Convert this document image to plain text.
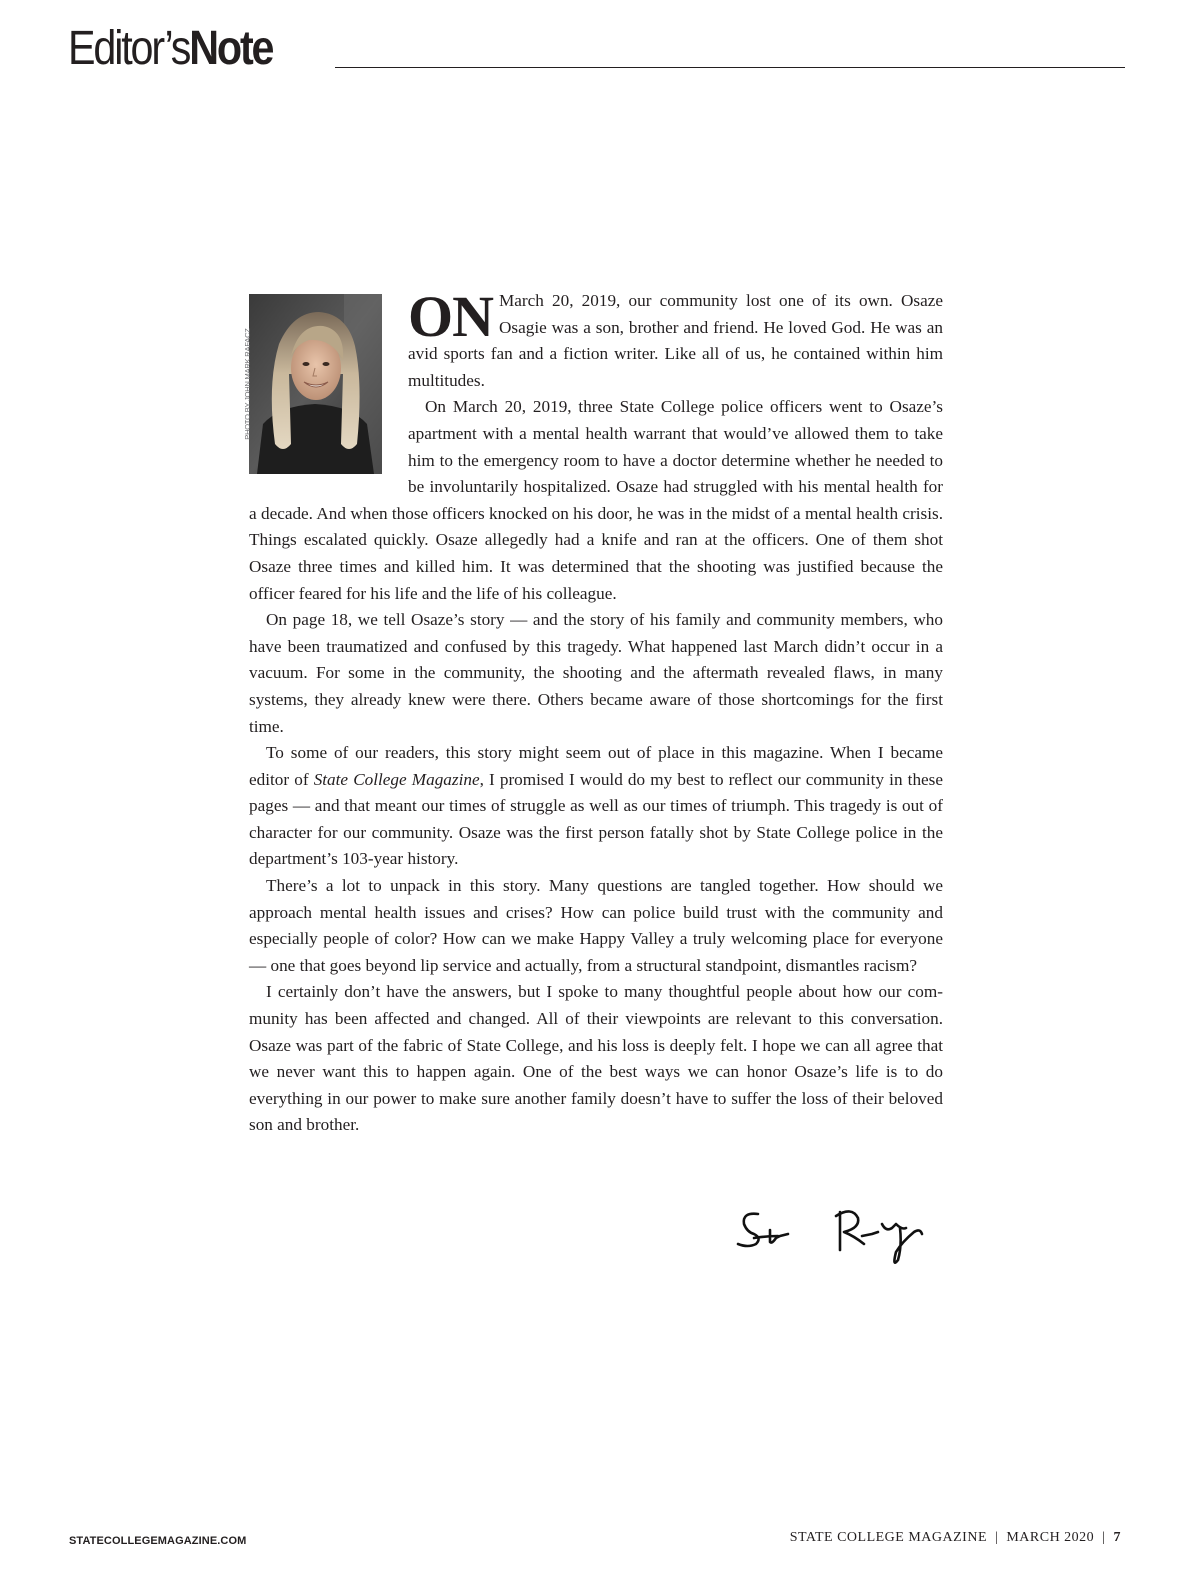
Editor’sNote
PHOTO BY JOHN MARK RAFACZ

ON March 20, 2019, our community lost one of its own. Osaze Osagie was a son, brother and friend. He loved God. He was an avid sports fan and a fiction writer. Like all of us, he contained within him multitudes.

On March 20, 2019, three State College police officers went to Osaze’s apartment with a mental health warrant that would’ve allowed them to take him to the emergency room to have a doctor determine whether he needed to be involuntarily hospitalized. Osaze had struggled with his mental health for a decade. And when those officers knocked on his door, he was in the midst of a mental health crisis. Things escalated quickly. Osaze allegedly had a knife and ran at the officers. One of them shot Osaze three times and killed him. It was determined that the shooting was justified because the officer feared for his life and the life of his colleague.

On page 18, we tell Osaze’s story — and the story of his family and community members, who have been traumatized and confused by this tragedy. What happened last March didn’t occur in a vacuum. For some in the community, the shooting and the aftermath revealed flaws, in many systems, they already knew were there. Others became aware of those shortcomings for the first time.

To some of our readers, this story might seem out of place in this magazine. When I became editor of State College Magazine, I promised I would do my best to reflect our community in these pages — and that meant our times of struggle as well as our times of triumph. This tragedy is out of character for our community. Osaze was the first person fatally shot by State College police in the department’s 103-year history.

There’s a lot to unpack in this story. Many questions are tangled together. How should we approach mental health issues and crises? How can police build trust with the community and especially people of color? How can we make Happy Valley a truly welcoming place for everyone — one that goes beyond lip service and actually, from a structural standpoint, dismantles racism?

I certainly don’t have the answers, but I spoke to many thoughtful people about how our community has been affected and changed. All of their viewpoints are relevant to this conversation. Osaze was part of the fabric of State College, and his loss is deeply felt. I hope we can all agree that we never want this to happen again. One of the best ways we can honor Osaze’s life is to do everything in our power to make sure another family doesn’t have to suffer the loss of their beloved son and brother.

STATECOLLEGEMAGAZINE.COM	STATE COLLEGE MAGAZINE | MARCH 2020 | 7
